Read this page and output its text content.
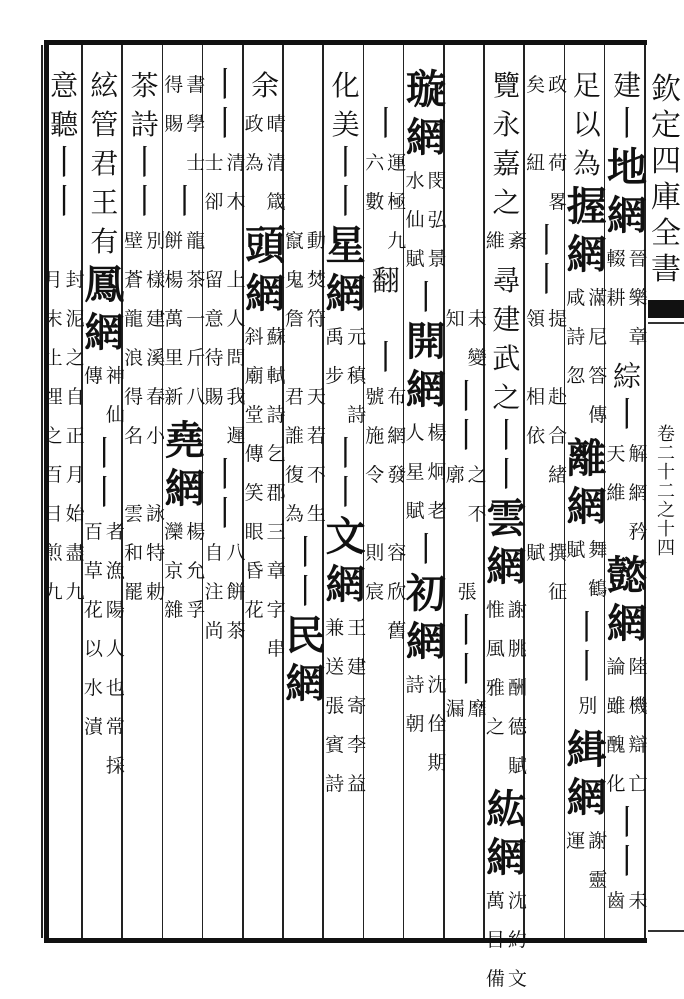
建
丨
地
網
晉
樂
章
輟
耕
綜
丨
解
網
矜
天
維
懿
網
陸
機
辯
亡
論
雖
醜
化
丨
丨
未
齒
足
以
為
握
網
滿
尼
答
傳
咸
詩
忽
離
網
舞
鶴
賦
丨
丨
別
緝
網
謝
靈
運
政
矣
荷
畧
紐
丨
丨
提
領
赴
合
緒
相
依
撰
征
賦
覽
永
嘉
之
紊
維
尋
建
武
之
丨
丨
雲
網
謝
朓
酬
德
賦
惟
風
雅
之
紘
網
沈
約
文
萬
目
備
未
變
知
丨
丨
之
不
廓
張
丨
丨
靡
漏
璇
網
閔
弘
景
水
仙
賦
丨
開
網
楊
炯
老
人
星
賦
丨
初
網
沈
佺
期
詩
朝
丨
運
極
九
六
數
翻
丨
布
網
發
號
施
令
容
欣
舊
則
宸
化
美
丨
丨
星
網
元
稹
詩
禹
步
丨
丨
文
網
王
建
寄
李
益
兼
送
張
賓
詩
動
焚
符
竄
鬼
詹
天
若
不
生
君
誰
復
為
丨
丨
民
網
余
晴
清
箴
政
為
頭
網
蘇
軾
詩
乞
郡
三
章
字
串
斜
廟
堂
傳
笑
眼
昏
花
丨
丨
清
木
士
卻
上
人
問
我
遲
留
意
待
賜
丨
丨
八
餅
茶
自
注
尚
書
學
士
得
賜
丨
龍
茶
一
斤
八
餅
楊
萬
里
新
堯
網
楊
允
孚
灤
京
雜
茶
詩
丨
丨
別
樣
建
溪
春
小
壁
蒼
龍
浪
得
名
詠
特
勅
雲
和
罷
絃
管
君
王
有
鳳
網
神
仙
傳
丨
丨
者
漁
陽
人
也
常
採
百
草
花
以
水
漬
意
聽
丨
丨
封
泥
之
自
正
月
始
盡
九
月
末
止
埋
之
百
日
煎
九
欽
定
四
庫
全
書
卷
二
十
二
之
十
四
